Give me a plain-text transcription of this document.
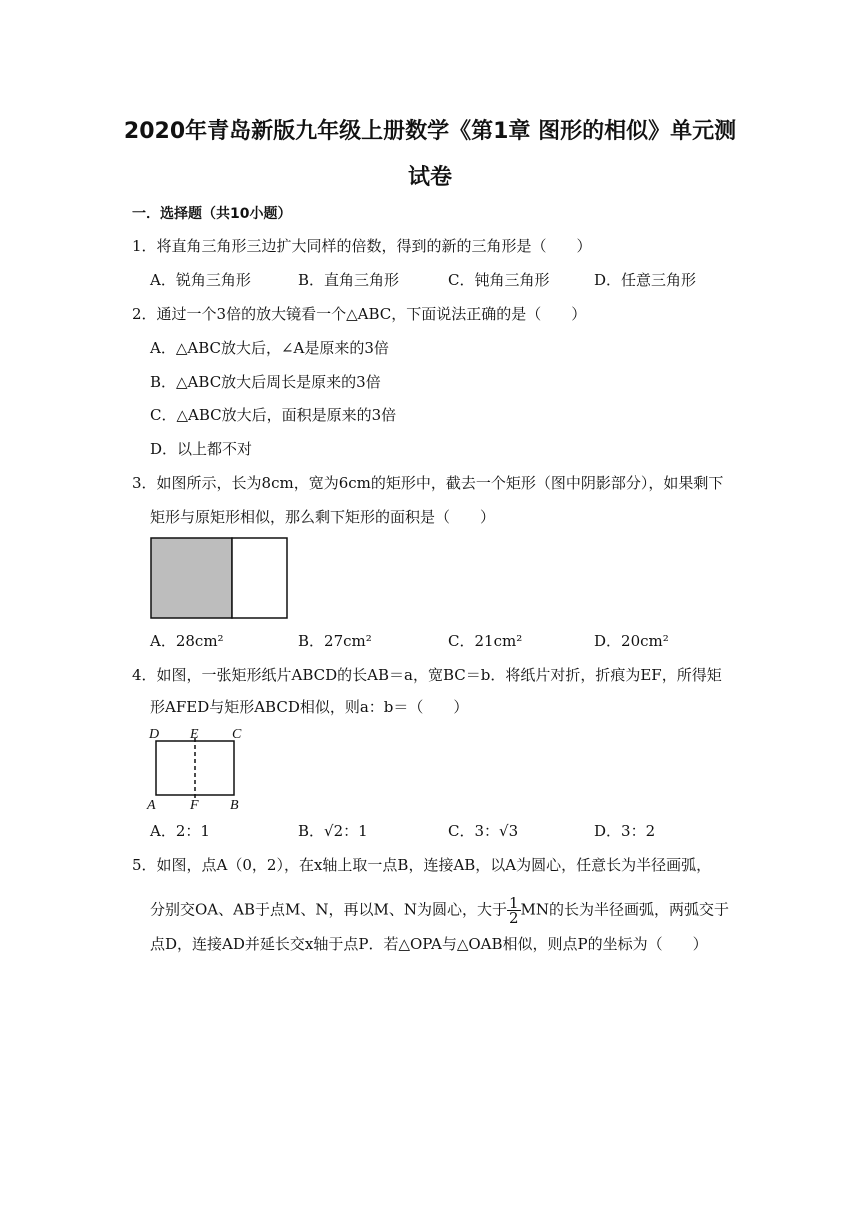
2020年青岛新版九年级上册数学《第1章 图形的相似》单元测
试卷
一．选择题（共10小题）
1．将直角三角形三边扩大同样的倍数，得到的新的三角形是（　　）
A．锐角三角形	B．直角三角形	C．钝角三角形	D．任意三角形
2．通过一个3倍的放大镜看一个△ABC，下面说法正确的是（　　）
A．△ABC放大后，∠A是原来的3倍
B．△ABC放大后周长是原来的3倍
C．△ABC放大后，面积是原来的3倍
D．以上都不对
3．如图所示，长为8cm，宽为6cm的矩形中，截去一个矩形（图中阴影部分），如果剩下
矩形与原矩形相似，那么剩下矩形的面积是（　　）
A．28cm²	B．27cm²	C．21cm²	D．20cm²
4．如图，一张矩形纸片ABCD的长AB＝a，宽BC＝b．将纸片对折，折痕为EF，所得矩
形AFED与矩形ABCD相似，则a：b＝（　　）
D E C
A F B
A．2：1	B．√2：1	C．3：√3	D．3：2
5．如图，点A（0，2），在x轴上取一点B，连接AB，以A为圆心，任意长为半径画弧，
分别交OA、AB于点M、N，再以M、N为圆心，大于 $\frac{1}{2}$ MN的长为半径画弧，两弧交于
点D，连接AD并延长交x轴于点P．若△OPA与△OAB相似，则点P的坐标为（　　）
